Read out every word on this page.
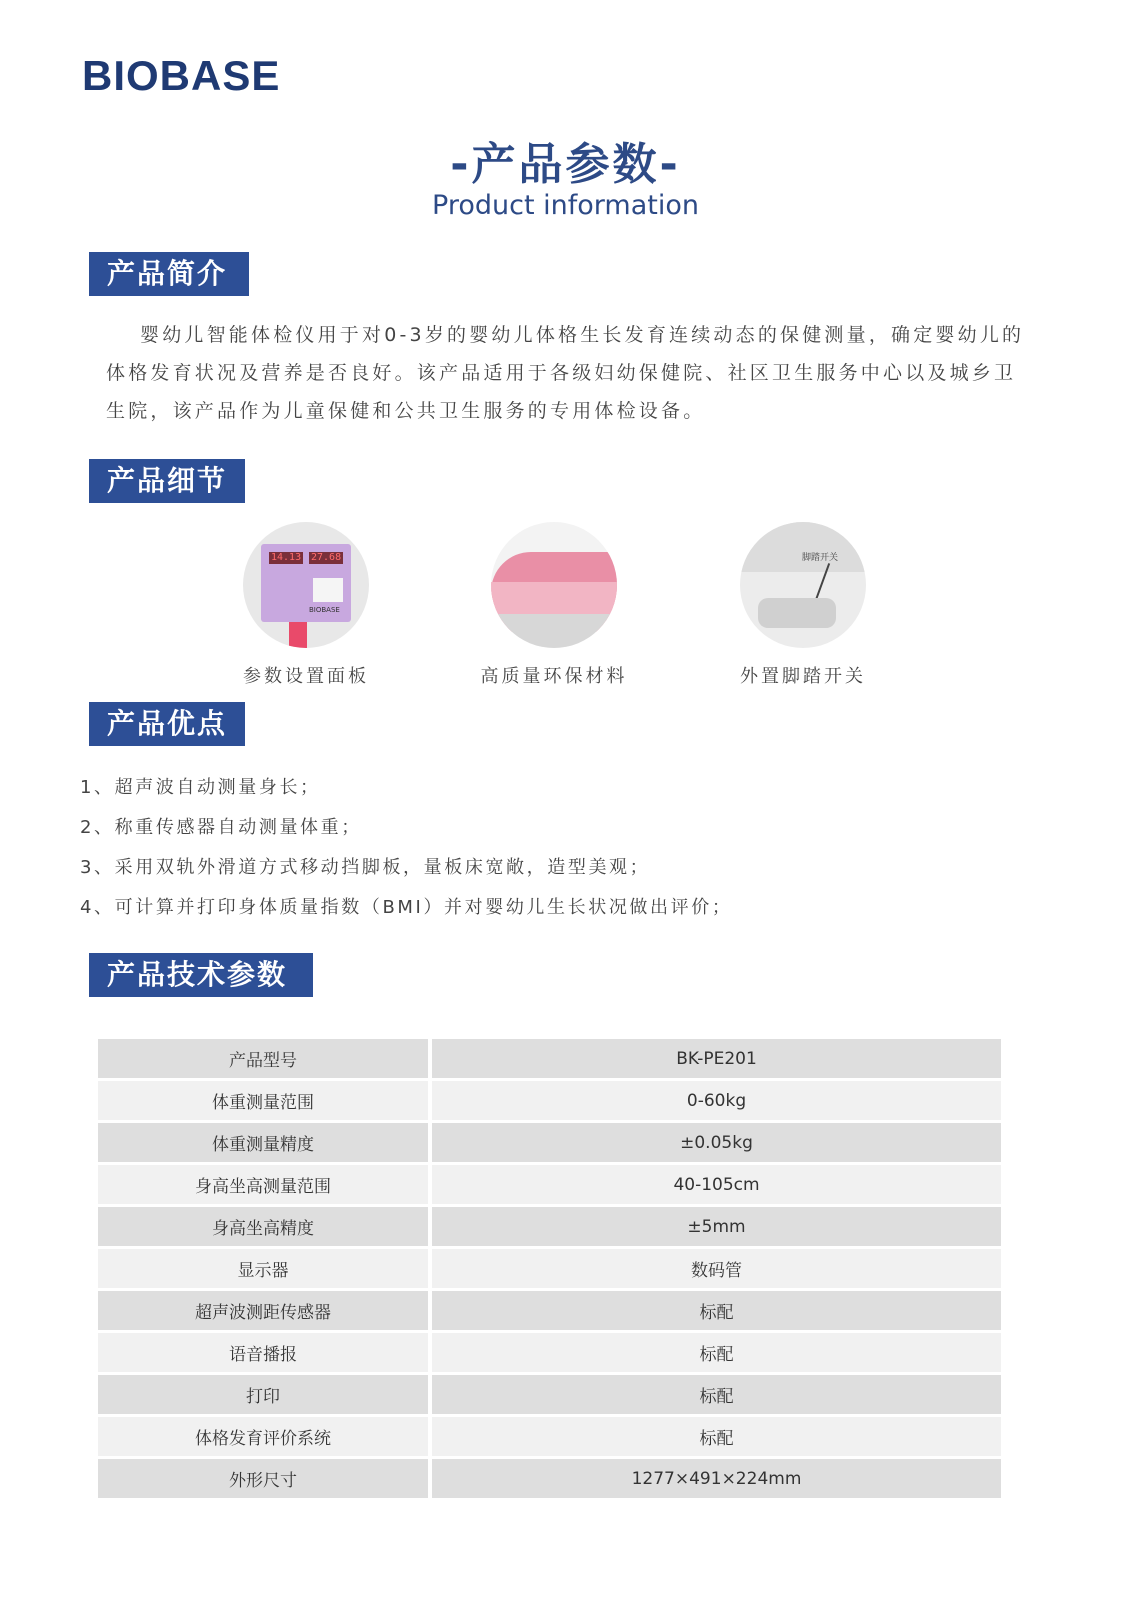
BIOBASE
-产品参数-
Product information
产品简介

婴幼儿智能体检仪用于对0-3岁的婴幼儿体格生长发育连续动态的保健测量，确定婴幼儿的体格发育状况及营养是否良好。该产品适用于各级妇幼保健院、社区卫生服务中心以及城乡卫生院，该产品作为儿童保健和公共卫生服务的专用体检设备。

产品细节
14.13 27.68
BIOBASE
参数设置面板	高质量环保材料
脚踏开关
外置脚踏开关
产品优点
1、超声波自动测量身长；
2、称重传感器自动测量体重；
3、采用双轨外滑道方式移动挡脚板，量板床宽敞，造型美观；
4、可计算并打印身体质量指数（BMI）并对婴幼儿生长状况做出评价；
产品技术参数
产品型号	BK-PE201
体重测量范围	0-60kg
体重测量精度	±0.05kg
身高坐高测量范围	40-105cm
身高坐高精度	±5mm
显示器	数码管
超声波测距传感器	标配
语音播报	标配
打印	标配
体格发育评价系统	标配
外形尺寸	1277×491×224mm
